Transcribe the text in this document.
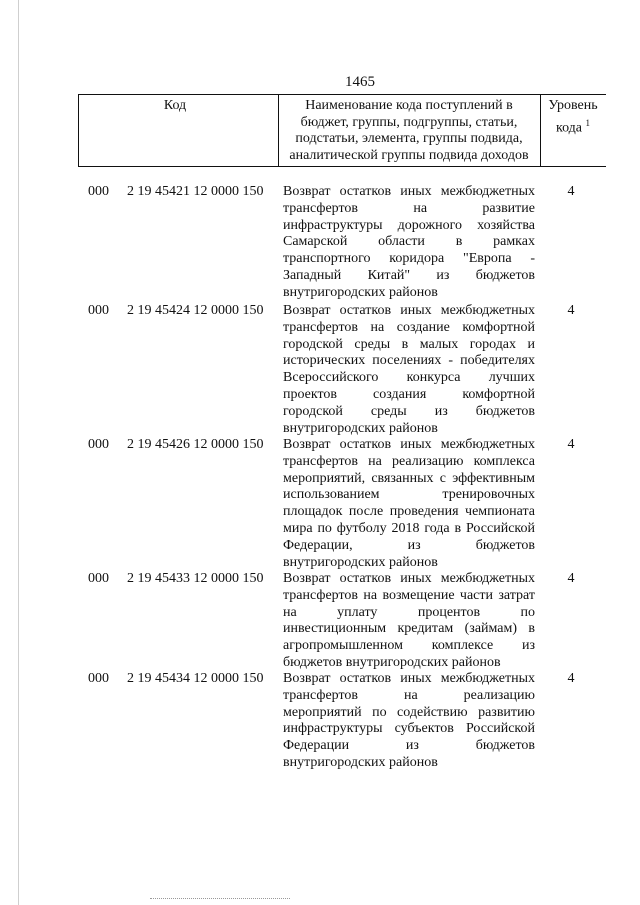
1465
Код	Наименование кода поступлений в
бюджет, группы, подгруппы, статьи,
подстатьи, элемента, группы подвида,
аналитической группы подвида доходов
Уровень
кода $^1$
000 2 19 45421 12 0000 150 Возврат остатков иных межбюджетных
трансфертов на развитие
инфраструктуры дорожного хозяйства
Самарской области в рамках
транспортного коридора "Европа -
Западный Китай" из бюджетов
внутригородских районов
4
000 2 19 45424 12 0000 150 Возврат остатков иных межбюджетных
трансфертов на создание комфортной
городской среды в малых городах и
исторических поселениях - победителях
Всероссийского конкурса лучших
проектов создания комфортной
городской среды из бюджетов
внутригородских районов
4
000 2 19 45426 12 0000 150 Возврат остатков иных межбюджетных
трансфертов на реализацию комплекса
мероприятий, связанных с эффективным
использованием тренировочных
площадок после проведения чемпионата
мира по футболу 2018 года в Российской
Федерации, из бюджетов
внутригородских районов
4
000 2 19 45433 12 0000 150 Возврат остатков иных межбюджетных
трансфертов на возмещение части затрат
на уплату процентов по
инвестиционным кредитам (займам) в
агропромышленном комплексе из
бюджетов внутригородских районов
4
000 2 19 45434 12 0000 150 Возврат остатков иных межбюджетных
трансфертов на реализацию
мероприятий по содействию развитию
инфраструктуры субъектов Российской
Федерации из бюджетов
внутригородских районов
4
